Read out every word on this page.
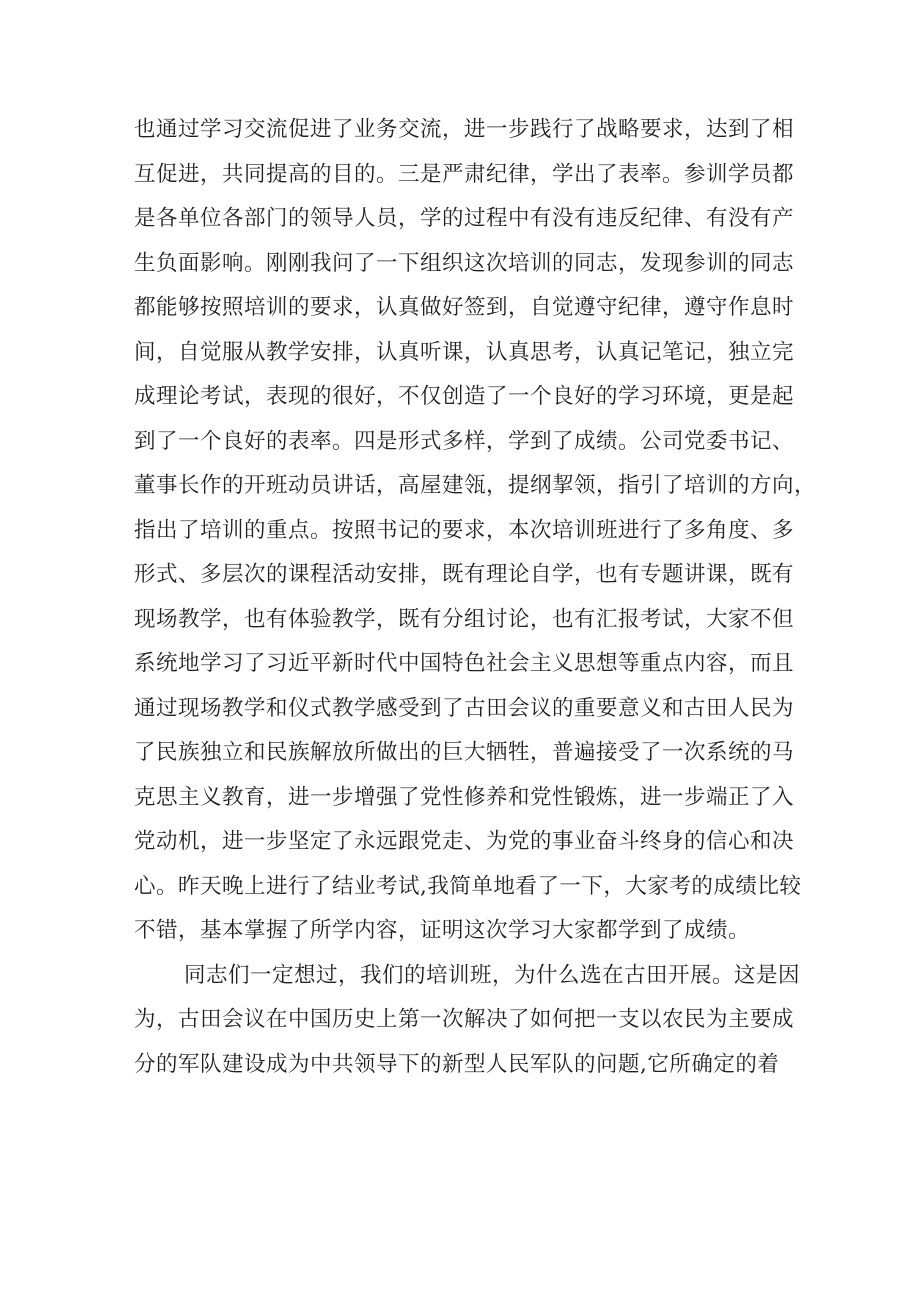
也通过学习交流促进了业务交流，进一步践行了战略要求，达到了相
互促进，共同提高的目的。三是严肃纪律，学出了表率。参训学员都
是各单位各部门的领导人员，学的过程中有没有违反纪律、有没有产
生负面影响。刚刚我问了一下组织这次培训的同志，发现参训的同志
都能够按照培训的要求，认真做好签到，自觉遵守纪律，遵守作息时
间，自觉服从教学安排，认真听课，认真思考，认真记笔记，独立完
成理论考试，表现的很好，不仅创造了一个良好的学习环境，更是起
到了一个良好的表率。四是形式多样，学到了成绩。公司党委书记、
董事长作的开班动员讲话，高屋建瓴，提纲挈领，指引了培训的方向，
指出了培训的重点。按照书记的要求，本次培训班进行了多角度、多
形式、多层次的课程活动安排，既有理论自学，也有专题讲课，既有
现场教学，也有体验教学，既有分组讨论，也有汇报考试，大家不但
系统地学习了习近平新时代中国特色社会主义思想等重点内容，而且
通过现场教学和仪式教学感受到了古田会议的重要意义和古田人民为
了民族独立和民族解放所做出的巨大牺牲，普遍接受了一次系统的马
克思主义教育，进一步增强了党性修养和党性锻炼，进一步端正了入
党动机，进一步坚定了永远跟党走、为党的事业奋斗终身的信心和决
心。昨天晚上进行了结业考试,我简单地看了一下，大家考的成绩比较
不错，基本掌握了所学内容，证明这次学习大家都学到了成绩。
同志们一定想过，我们的培训班，为什么选在古田开展。这是因
为，古田会议在中国历史上第一次解决了如何把一支以农民为主要成
分的军队建设成为中共领导下的新型人民军队的问题,它所确定的着
